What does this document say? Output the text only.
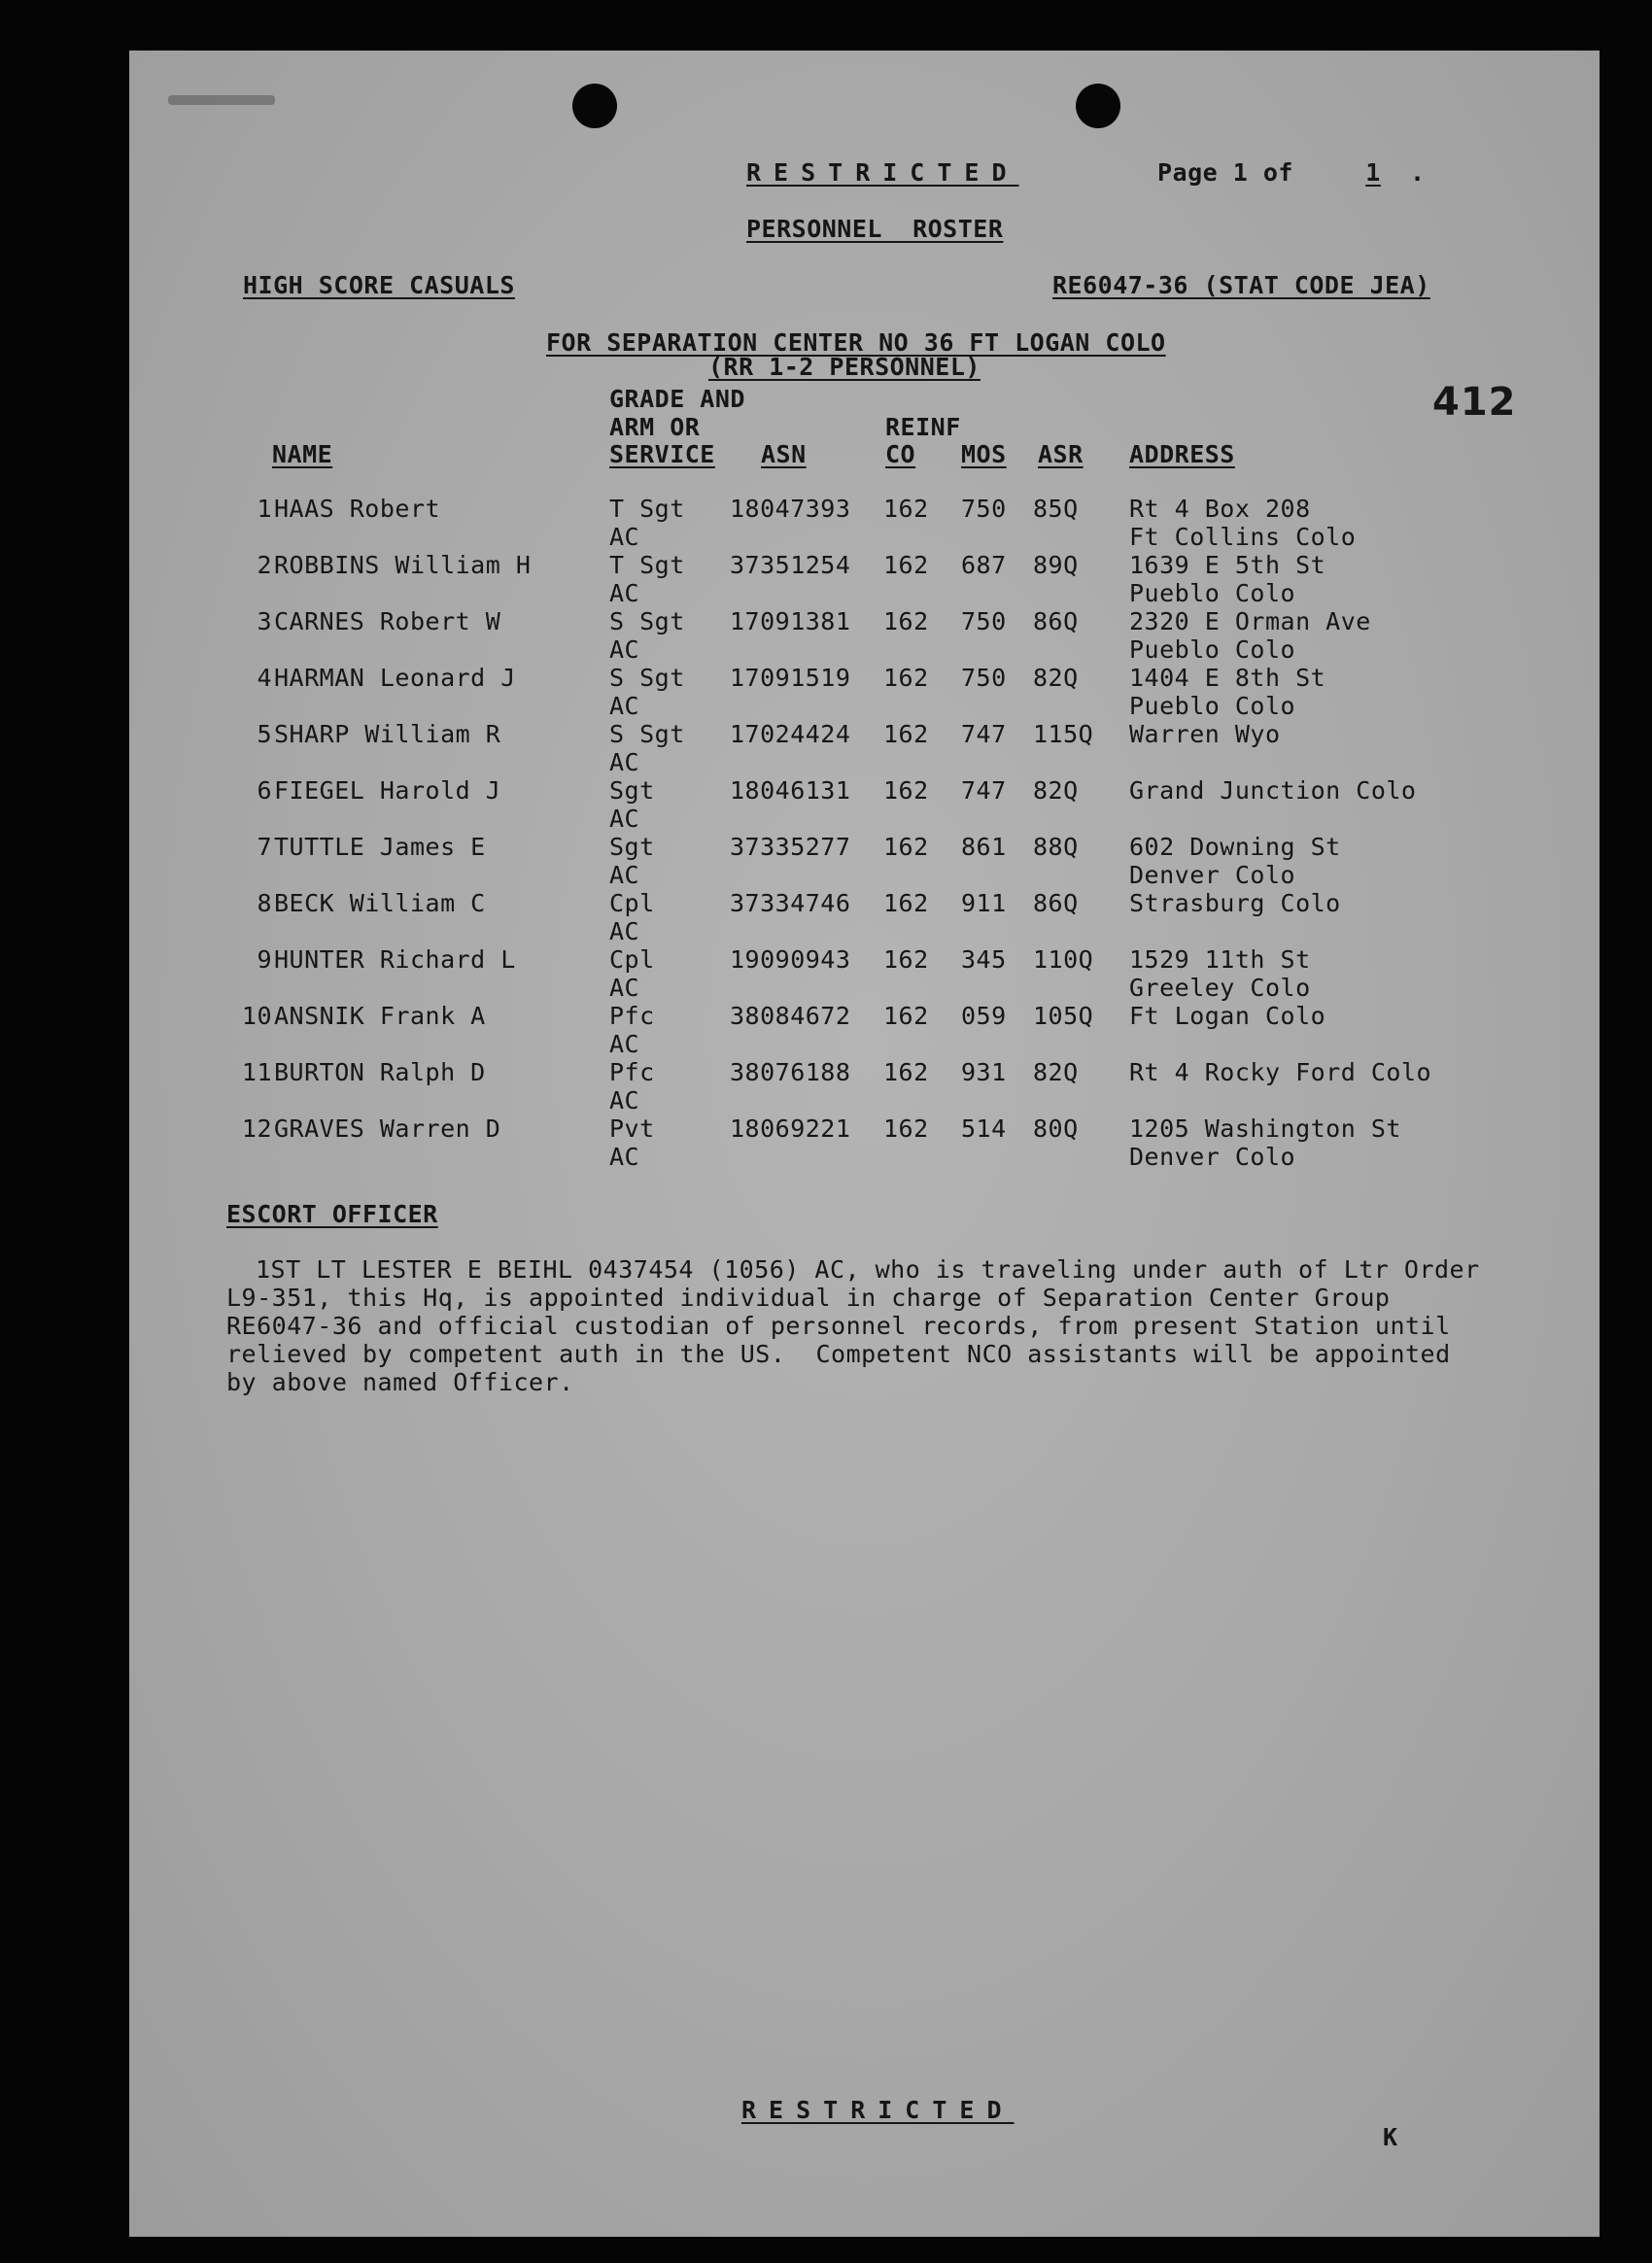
RESTRICTED	Page 1 of	1	.
PERSONNEL  ROSTER
HIGH SCORE CASUALS	RE6047-36 (STAT CODE JEA)
FOR SEPARATION CENTER NO 36 FT LOGAN COLO
(RR 1-2 PERSONNEL)
412
GRADE AND
ARM OR	REINF
NAME	SERVICE ASN	CO MOS ASR ADDRESS
1 HAAS Robert	T Sgt	18047393	162	750	85Q	Rt 4 Box 208
AC	Ft Collins Colo
2 ROBBINS William H	T Sgt	37351254	162	687	89Q	1639 E 5th St
AC	Pueblo Colo
3 CARNES Robert W	S Sgt	17091381	162	750	86Q	2320 E Orman Ave
AC	Pueblo Colo
4 HARMAN Leonard J	S Sgt	17091519	162	750	82Q	1404 E 8th St
AC	Pueblo Colo
5 SHARP William R	S Sgt	17024424	162	747	115Q	Warren Wyo
AC
6 FIEGEL Harold J	Sgt	18046131	162	747	82Q	Grand Junction Colo
AC
7 TUTTLE James E	Sgt	37335277	162	861	88Q	602 Downing St
AC	Denver Colo
8 BECK William C	Cpl	37334746	162	911	86Q	Strasburg Colo
AC
9 HUNTER Richard L	Cpl	19090943	162	345	110Q	1529 11th St
AC	Greeley Colo
10 ANSNIK Frank A	Pfc	38084672	162	059	105Q	Ft Logan Colo
AC
11 BURTON Ralph D	Pfc	38076188	162	931	82Q	Rt 4 Rocky Ford Colo
AC
12 GRAVES Warren D	Pvt	18069221	162	514	80Q	1205 Washington St
AC	Denver Colo
ESCORT OFFICER
1ST LT LESTER E BEIHL 0437454 (1056) AC, who is traveling under auth of Ltr Order
L9-351, this Hq, is appointed individual in charge of Separation Center Group
RE6047-36 and official custodian of personnel records, from present Station until
relieved by competent auth in the US.  Competent NCO assistants will be appointed
by above named Officer.
RESTRICTED
K
